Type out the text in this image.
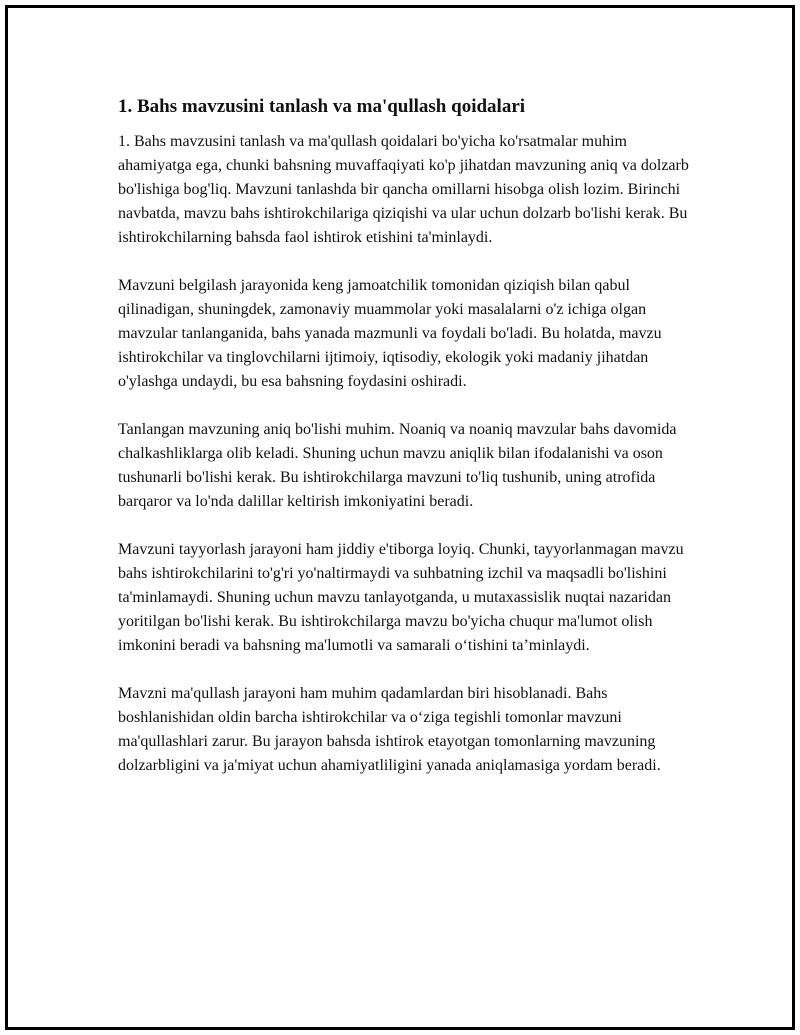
1. Bahs mavzusini tanlash va ma'qullash qoidalari

1. Bahs mavzusini tanlash va ma'qullash qoidalari bo'yicha ko'rsatmalar muhim ahamiyatga ega, chunki bahsning muvaffaqiyati ko'p jihatdan mavzuning aniq va dolzarb bo'lishiga bog'liq. Mavzuni tanlashda bir qancha omillarni hisobga olish lozim. Birinchi navbatda, mavzu bahs ishtirokchilariga qiziqishi va ular uchun dolzarb bo'lishi kerak. Bu ishtirokchilarning bahsda faol ishtirok etishini ta'minlaydi.

Mavzuni belgilash jarayonida keng jamoatchilik tomonidan qiziqish bilan qabul qilinadigan, shuningdek, zamonaviy muammolar yoki masalalarni o'z ichiga olgan mavzular tanlanganida, bahs yanada mazmunli va foydali bo'ladi. Bu holatda, mavzu ishtirokchilar va tinglovchilarni ijtimoiy, iqtisodiy, ekologik yoki madaniy jihatdan o'ylashga undaydi, bu esa bahsning foydasini oshiradi.

Tanlangan mavzuning aniq bo'lishi muhim. Noaniq va noaniq mavzular bahs davomida chalkashliklarga olib keladi. Shuning uchun mavzu aniqlik bilan ifodalanishi va oson tushunarli bo'lishi kerak. Bu ishtirokchilarga mavzuni to'liq tushunib, uning atrofida barqaror va lo'nda dalillar keltirish imkoniyatini beradi.

Mavzuni tayyorlash jarayoni ham jiddiy e'tiborga loyiq. Chunki, tayyorlanmagan mavzu bahs ishtirokchilarini to'g'ri yo'naltirmaydi va suhbatning izchil va maqsadli bo'lishini ta'minlamaydi. Shuning uchun mavzu tanlayotganda, u mutaxassislik nuqtai nazaridan yoritilgan bo'lishi kerak. Bu ishtirokchilarga mavzu bo'yicha chuqur ma'lumot olish imkonini beradi va bahsning ma'lumotli va samarali o‘tishini ta’minlaydi.

Mavzni ma'qullash jarayoni ham muhim qadamlardan biri hisoblanadi. Bahs boshlanishidan oldin barcha ishtirokchilar va o‘ziga tegishli tomonlar mavzuni ma'qullashlari zarur. Bu jarayon bahsda ishtirok etayotgan tomonlarning mavzuning dolzarbligini va ja'miyat uchun ahamiyatliligini yanada aniqlamasiga yordam beradi.
